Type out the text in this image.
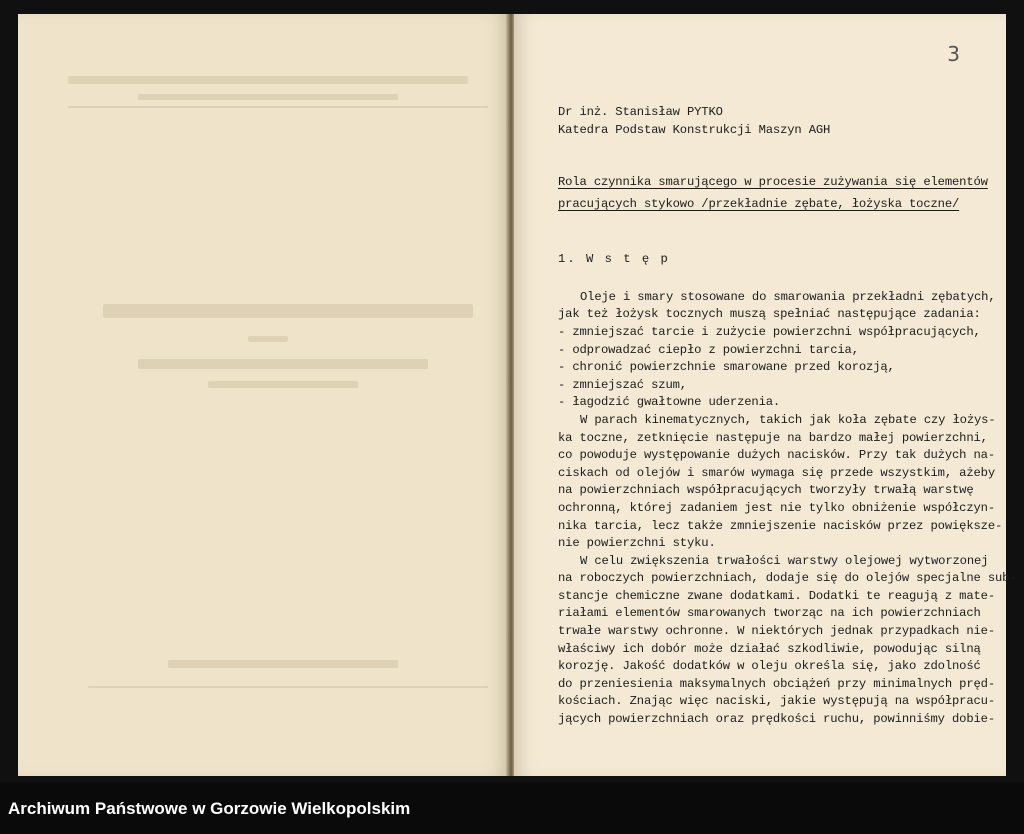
3

Dr inż. Stanisław PYTKO

Katedra Podstaw Konstrukcji Maszyn AGH

Rola czynnika smarującego w procesie zużywania się elementów
pracujących stykowo /przekładnie zębate, łożyska toczne/

1. W s t ę p

Oleje i smary stosowane do smarowania przekładni zębatych,
jak też łożysk tocznych muszą spełniać następujące zadania:

- zmniejszać tarcie i zużycie powierzchni współpracujących,
- odprowadzać ciepło z powierzchni tarcia,
- chronić powierzchnie smarowane przed korozją,
- zmniejszać szum,
- łagodzić gwałtowne uderzenia.

W parach kinematycznych, takich jak koła zębate czy łożys-
ka toczne, zetknięcie następuje na bardzo małej powierzchni,
co powoduje występowanie dużych nacisków. Przy tak dużych na-
ciskach od olejów i smarów wymaga się przede wszystkim, ażeby
na powierzchniach współpracujących tworzyły trwałą warstwę
ochronną, której zadaniem jest nie tylko obniżenie współczyn-
nika tarcia, lecz także zmniejszenie nacisków przez powiększe-
nie powierzchni styku.

W celu zwiększenia trwałości warstwy olejowej wytworzonej
na roboczych powierzchniach, dodaje się do olejów specjalne sub-
stancje chemiczne zwane dodatkami. Dodatki te reagują z mate-
riałami elementów smarowanych tworząc na ich powierzchniach
trwałe warstwy ochronne. W niektórych jednak przypadkach nie-
właściwy ich dobór może działać szkodliwie, powodując silną
korozję. Jakość dodatków w oleju określa się, jako zdolność
do przeniesienia maksymalnych obciążeń przy minimalnych pręd-
kościach. Znając więc naciski, jakie występują na współpracu-
jących powierzchniach oraz prędkości ruchu, powinniśmy dobie-

Archiwum Państwowe w Gorzowie Wielkopolskim
